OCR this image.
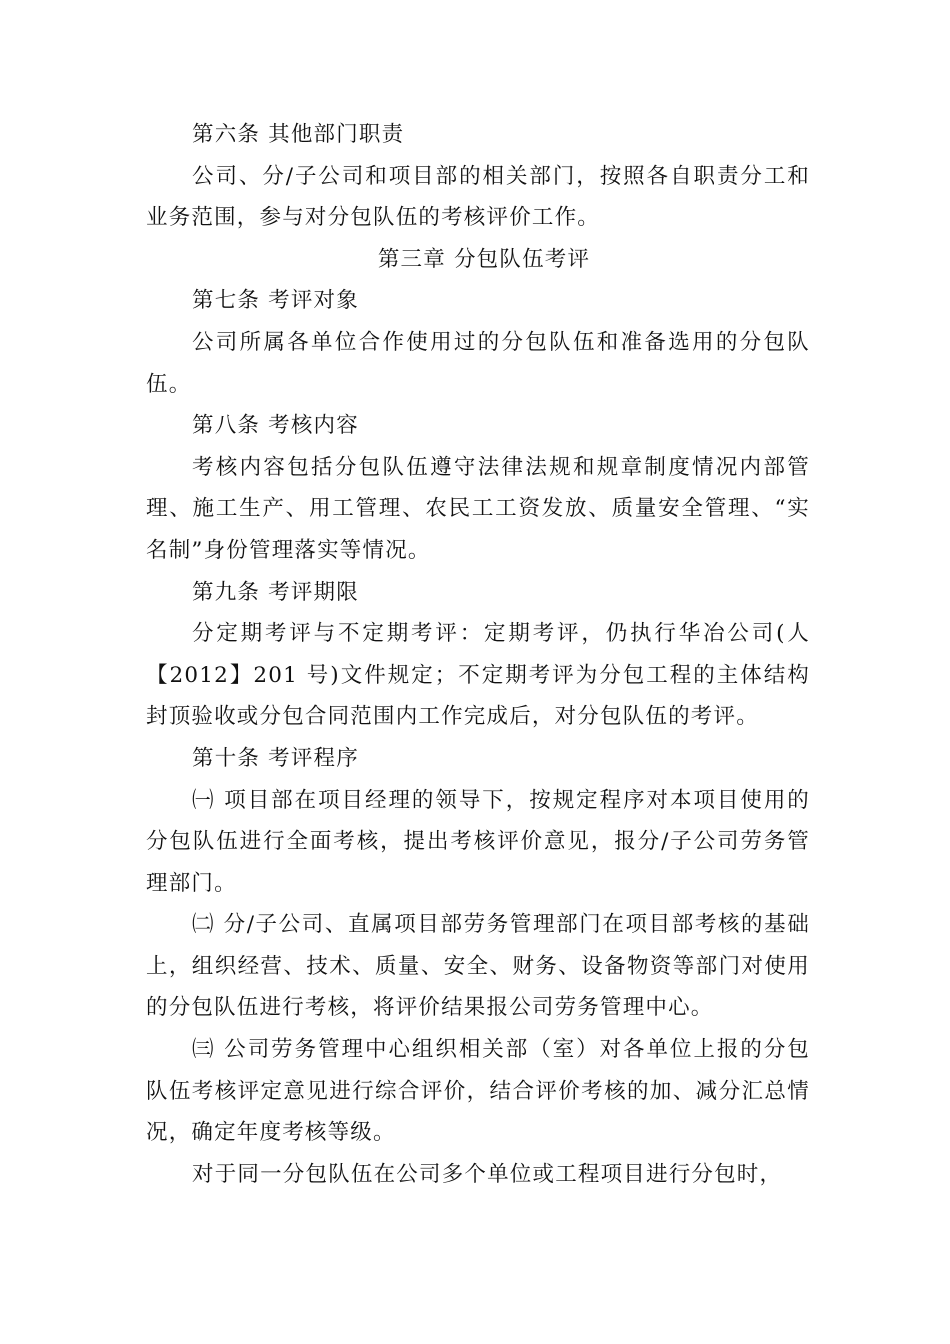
第六条 其他部门职责

公司、分/子公司和项目部的相关部门，按照各自职责分工和业务范围，参与对分包队伍的考核评价工作。

第三章 分包队伍考评
第七条 考评对象

公司所属各单位合作使用过的分包队伍和准备选用的分包队伍。

第八条 考核内容

考核内容包括分包队伍遵守法律法规和规章制度情况内部管理、施工生产、用工管理、农民工工资发放、质量安全管理、“实名制”身份管理落实等情况。

第九条 考评期限

分定期考评与不定期考评：定期考评，仍执行华冶公司(人【2012】201 号)文件规定；不定期考评为分包工程的主体结构封顶验收或分包合同范围内工作完成后，对分包队伍的考评。

第十条 考评程序

㈠ 项目部在项目经理的领导下，按规定程序对本项目使用的分包队伍进行全面考核，提出考核评价意见，报分/子公司劳务管理部门。

㈡ 分/子公司、直属项目部劳务管理部门在项目部考核的基础上，组织经营、技术、质量、安全、财务、设备物资等部门对使用的分包队伍进行考核，将评价结果报公司劳务管理中心。

㈢ 公司劳务管理中心组织相关部（室）对各单位上报的分包队伍考核评定意见进行综合评价，结合评价考核的加、减分汇总情况，确定年度考核等级。

对于同一分包队伍在公司多个单位或工程项目进行分包时，
